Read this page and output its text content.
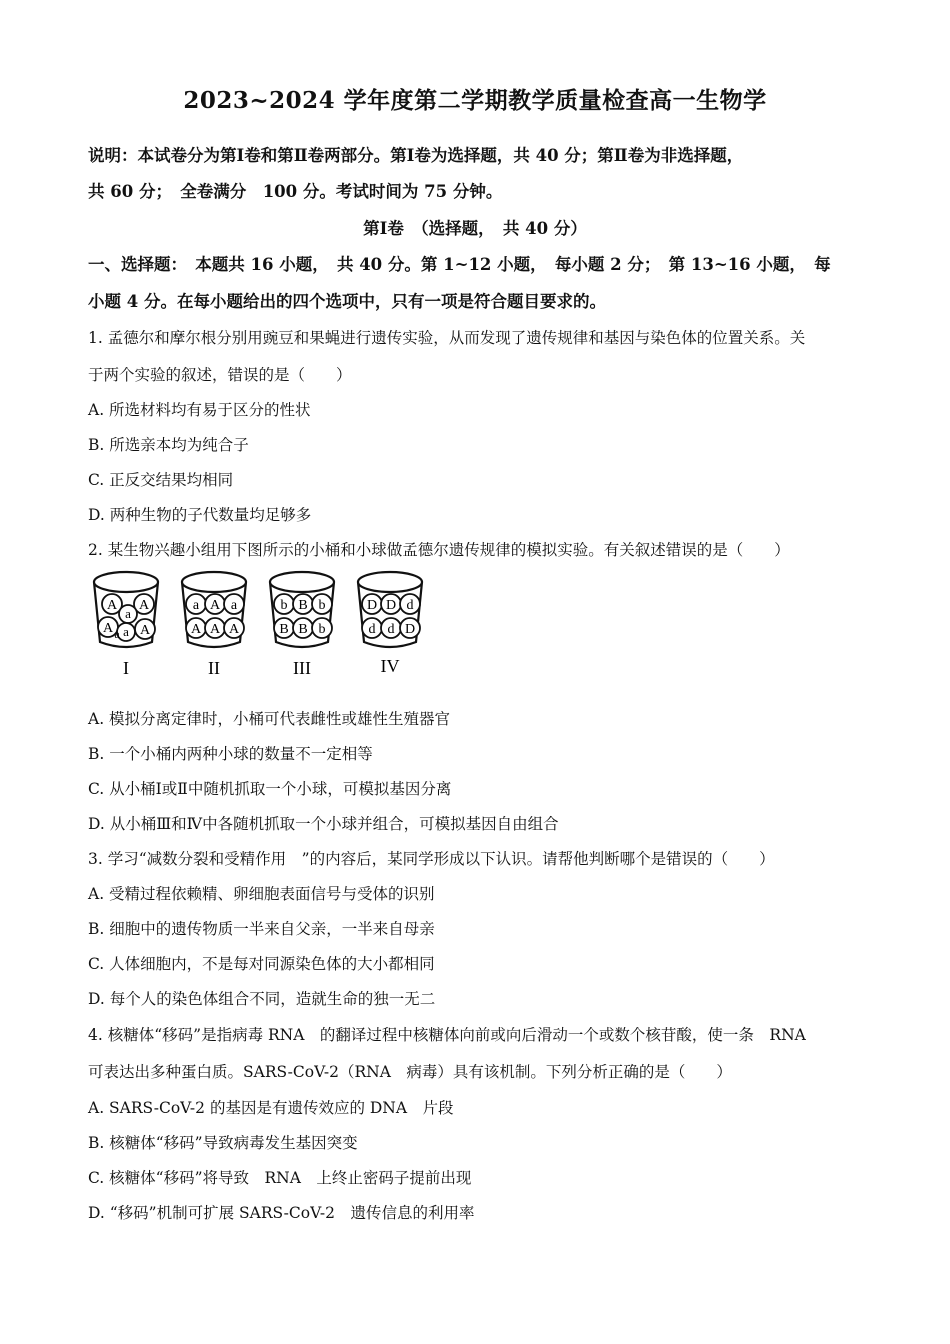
2023~2024 学年度第二学期教学质量检查高一生物学
说明：本试卷分为第Ⅰ卷和第Ⅱ卷两部分。第Ⅰ卷为选择题，共 40 分；第Ⅱ卷为非选择题，
共 60 分；　全卷满分　100 分。考试时间为 75 分钟。
第Ⅰ卷　（选择题，　共 40 分）
一、选择题：　本题共 16 小题，　共 40 分。第 1~12 小题，　每小题 2 分；　第 13~16 小题，　每
小题 4 分。在每小题给出的四个选项中，只有一项是符合题目要求的。
1. 孟德尔和摩尔根分别用豌豆和果蝇进行遗传实验，从而发现了遗传规律和基因与染色体的位置关系。关
于两个实验的叙述，错误的是（　　）
A. 所选材料均有易于区分的性状
B. 所选亲本均为纯合子
C. 正反交结果均相同
D. 两种生物的子代数量均足够多
2. 某生物兴趣小组用下图所示的小桶和小球做孟德尔遗传规律的模拟实验。有关叙述错误的是（　　）
A A
A
a
a
a A
I
a A a
A A A
II
b B b
B B b
III
D D d
d d D
IV
A. 模拟分离定律时，小桶可代表雌性或雄性生殖器官
B. 一个小桶内两种小球的数量不一定相等
C. 从小桶Ⅰ或Ⅱ中随机抓取一个小球，可模拟基因分离
D. 从小桶Ⅲ和Ⅳ中各随机抓取一个小球并组合，可模拟基因自由组合
3. 学习“减数分裂和受精作用　”的内容后，某同学形成以下认识。请帮他判断哪个是错误的（　　）
A. 受精过程依赖精、卵细胞表面信号与受体的识别
B. 细胞中的遗传物质一半来自父亲，一半来自母亲
C. 人体细胞内，不是每对同源染色体的大小都相同
D. 每个人的染色体组合不同，造就生命的独一无二
4. 核糖体“移码”是指病毒 RNA　的翻译过程中核糖体向前或向后滑动一个或数个核苷酸，使一条　RNA
可表达出多种蛋白质。SARS-CoV-2（RNA　病毒）具有该机制。下列分析正确的是（　　）
A. SARS-CoV-2 的基因是有遗传效应的 DNA　片段
B. 核糖体“移码”导致病毒发生基因突变
C. 核糖体“移码”将导致　RNA　上终止密码子提前出现
D. “移码”机制可扩展 SARS-CoV-2　遗传信息的利用率
